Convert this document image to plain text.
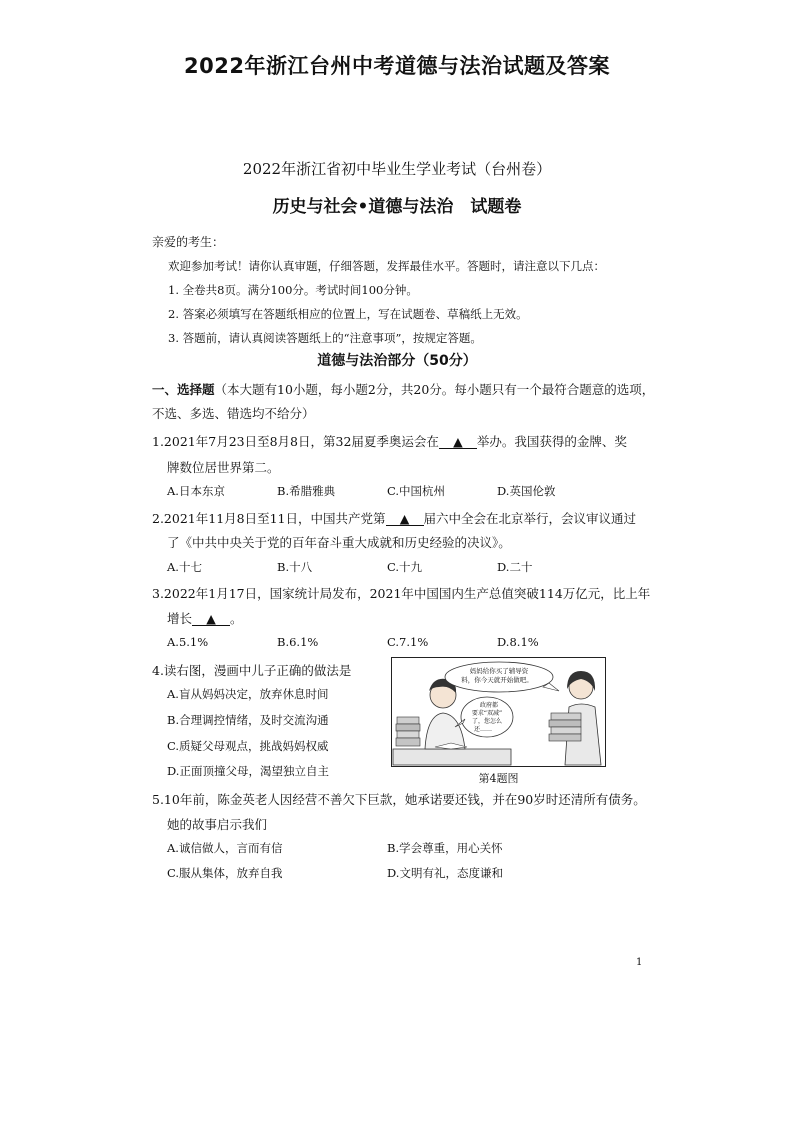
2022年浙江台州中考道德与法治试题及答案
2022年浙江省初中毕业生学业考试（台州卷）
历史与社会•道德与法治　试题卷
亲爱的考生：
欢迎参加考试！请你认真审题，仔细答题，发挥最佳水平。答题时，请注意以下几点：
1. 全卷共8页。满分100分。考试时间100分钟。
2. 答案必须填写在答题纸相应的位置上，写在试题卷、草稿纸上无效。
3. 答题前，请认真阅读答题纸上的“注意事项”，按规定答题。
道德与法治部分（50分）
一、选择题（本大题有10小题，每小题2分，共20分。每小题只有一个最符合题意的选项，
不选、多选、错选均不给分）
1.2021年7月23日至8月8日，第32届夏季奥运会在 ▲ 举办。我国获得的金牌、奖
牌数位居世界第二。
A.日本东京	B.希腊雅典	C.中国杭州	D.英国伦敦
2.2021年11月8日至11日，中国共产党第 ▲ 届六中全会在北京举行，会议审议通过
了《中共中央关于党的百年奋斗重大成就和历史经验的决议》。
A.十七	B.十八	C.十九	D.二十
3.2022年1月17日，国家统计局发布，2021年中国国内生产总值突破114万亿元，比上年
增长 ▲ 。
A.5.1%	B.6.1%	C.7.1%	D.8.1%
4.读右图，漫画中儿子正确的做法是
A.盲从妈妈决定，放弃休息时间
B.合理调控情绪，及时交流沟通
C.质疑父母观点，挑战妈妈权威
D.正面顶撞父母，渴望独立自主
政府都要求“双减”了，您怎么还……
妈妈给你买了辅导资料，你今天就开始做吧。
第4题图
5.10年前，陈金英老人因经营不善欠下巨款，她承诺要还钱，并在90岁时还清所有债务。
她的故事启示我们
A.诚信做人，言而有信	B.学会尊重，用心关怀
C.服从集体，放弃自我	D.文明有礼，态度谦和
1
